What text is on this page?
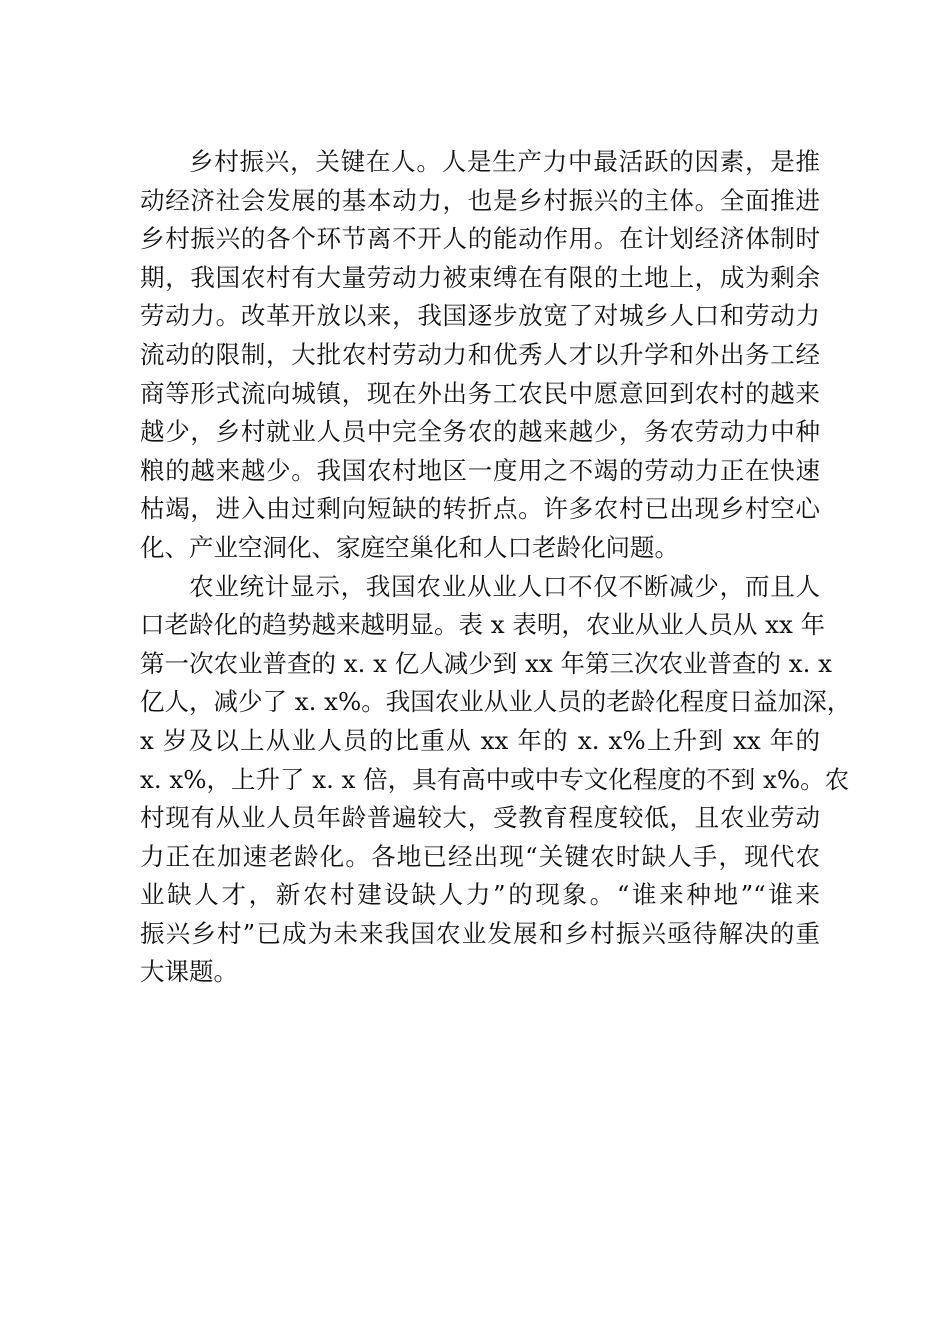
乡村振兴，关键在人。人是生产力中最活跃的因素，是推
动经济社会发展的基本动力，也是乡村振兴的主体。全面推进
乡村振兴的各个环节离不开人的能动作用。在计划经济体制时
期，我国农村有大量劳动力被束缚在有限的土地上，成为剩余
劳动力。改革开放以来，我国逐步放宽了对城乡人口和劳动力
流动的限制，大批农村劳动力和优秀人才以升学和外出务工经
商等形式流向城镇，现在外出务工农民中愿意回到农村的越来
越少，乡村就业人员中完全务农的越来越少，务农劳动力中种
粮的越来越少。我国农村地区一度用之不竭的劳动力正在快速
枯竭，进入由过剩向短缺的转折点。许多农村已出现乡村空心
化、产业空洞化、家庭空巢化和人口老龄化问题。
农业统计显示，我国农业从业人口不仅不断减少，而且人
口老龄化的趋势越来越明显。表 x 表明，农业从业人员从 xx 年
第一次农业普查的 x. x 亿人减少到 xx 年第三次农业普查的 x. x
亿人，减少了 x. x%。我国农业从业人员的老龄化程度日益加深，
x 岁及以上从业人员的比重从 xx 年的 x. x%上升到 xx 年的
x. x%，上升了 x. x 倍，具有高中或中专文化程度的不到 x%。农
村现有从业人员年龄普遍较大，受教育程度较低，且农业劳动
力正在加速老龄化。各地已经出现“关键农时缺人手，现代农
业缺人才，新农村建设缺人力”的现象。“谁来种地”“谁来
振兴乡村”已成为未来我国农业发展和乡村振兴亟待解决的重
大课题。
